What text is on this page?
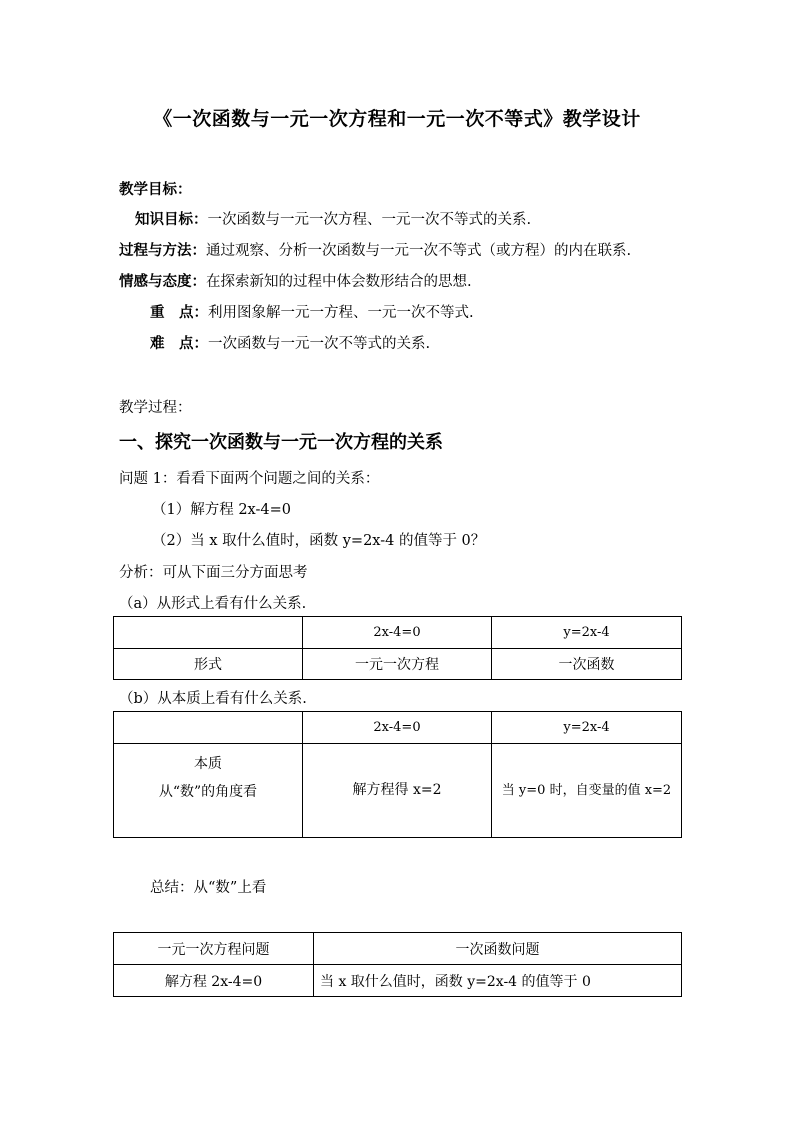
《一次函数与一元一次方程和一元一次不等式》教学设计

教学目标：

知识目标：一次函数与一元一次方程、一元一次不等式的关系.

过程与方法：通过观察、分析一次函数与一元一次不等式（或方程）的内在联系.

情感与态度：在探索新知的过程中体会数形结合的思想.

重　点：利用图象解一元一方程、一元一次不等式.

难　点：一次函数与一元一次不等式的关系.

教学过程：

一、探究一次函数与一元一次方程的关系

问题 1：看看下面两个问题之间的关系：

（1）解方程 2x-4=0

（2）当 x 取什么值时，函数 y=2x-4 的值等于 0？

分析：可从下面三分方面思考

（a）从形式上看有什么关系.

	2x-4=0	y=2x-4
形式	一元一次方程	一次函数

（b）从本质上看有什么关系.

	2x-4=0	y=2x-4

本质
从“数”的角度看	解方程得 x=2	当 y=0 时，自变量的值 x=2

总结：从“数”上看

一元一次方程问题	一次函数问题
解方程 2x-4=0	当 x 取什么值时，函数 y=2x-4 的值等于 0
